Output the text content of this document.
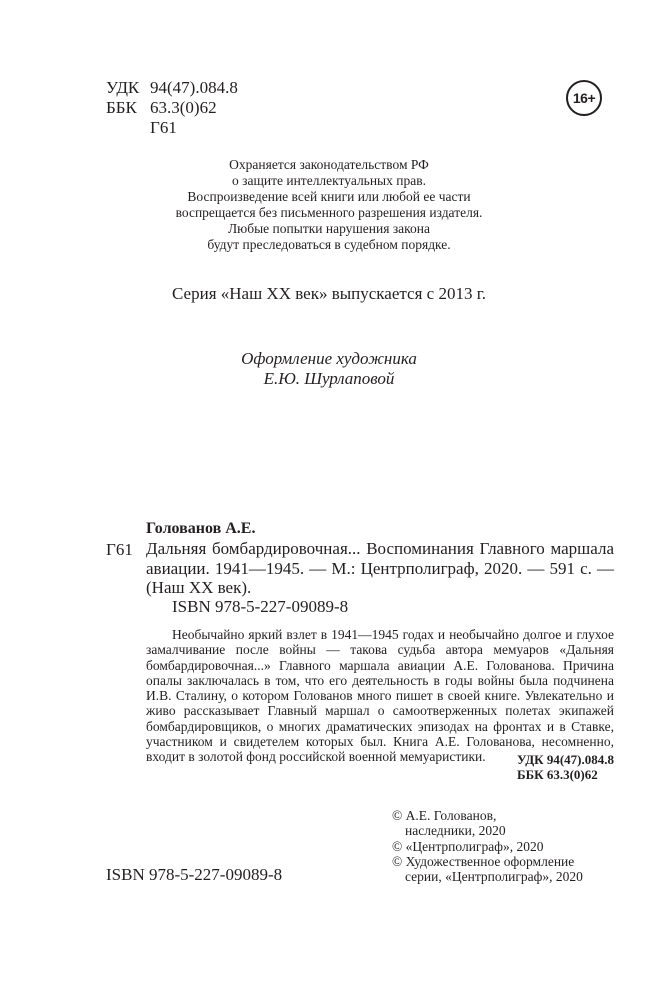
УДК 94(47).084.8
ББК 63.3(0)62
Г61
16+
Охраняется законодательством РФ
о защите интеллектуальных прав.
Воспроизведение всей книги или любой ее части
воспрещается без письменного разрешения издателя.
Любые попытки нарушения закона
будут преследоваться в судебном порядке.
Серия «Наш XX век» выпускается с 2013 г.
Оформление художника
Е.Ю. Шурлаповой
Голованов А.Е.
Г61 Дальняя бомбардировочная... Воспоминания Главного маршала авиации. 1941—1945. — М.: Центрполиграф, 2020. — 591 с. — (Наш XX век).
ISBN 978-5-227-09089-8
Необычайно яркий взлет в 1941—1945 годах и необычайно долгое и глухое замалчивание после войны — такова судьба автора мемуаров «Дальняя бомбардировочная...» Главного маршала авиации А.Е. Голованова. Причина опалы заключалась в том, что его деятельность в годы войны была подчинена И.В. Сталину, о котором Голованов много пишет в своей книге. Увлекательно и живо рассказывает Главный маршал о самоотверженных полетах экипажей бомбардировщиков, о многих драматических эпизодах на фронтах и в Ставке, участником и свидетелем которых был. Книга А.Е. Голованова, несомненно, входит в золотой фонд российской военной мемуаристики.	УДК 94(47).084.8
ББК 63.3(0)62
© А.Е. Голованов,
наследники, 2020
© «Центрполиграф», 2020
© Художественное оформление
серии, «Центрполиграф», 2020
ISBN 978-5-227-09089-8
